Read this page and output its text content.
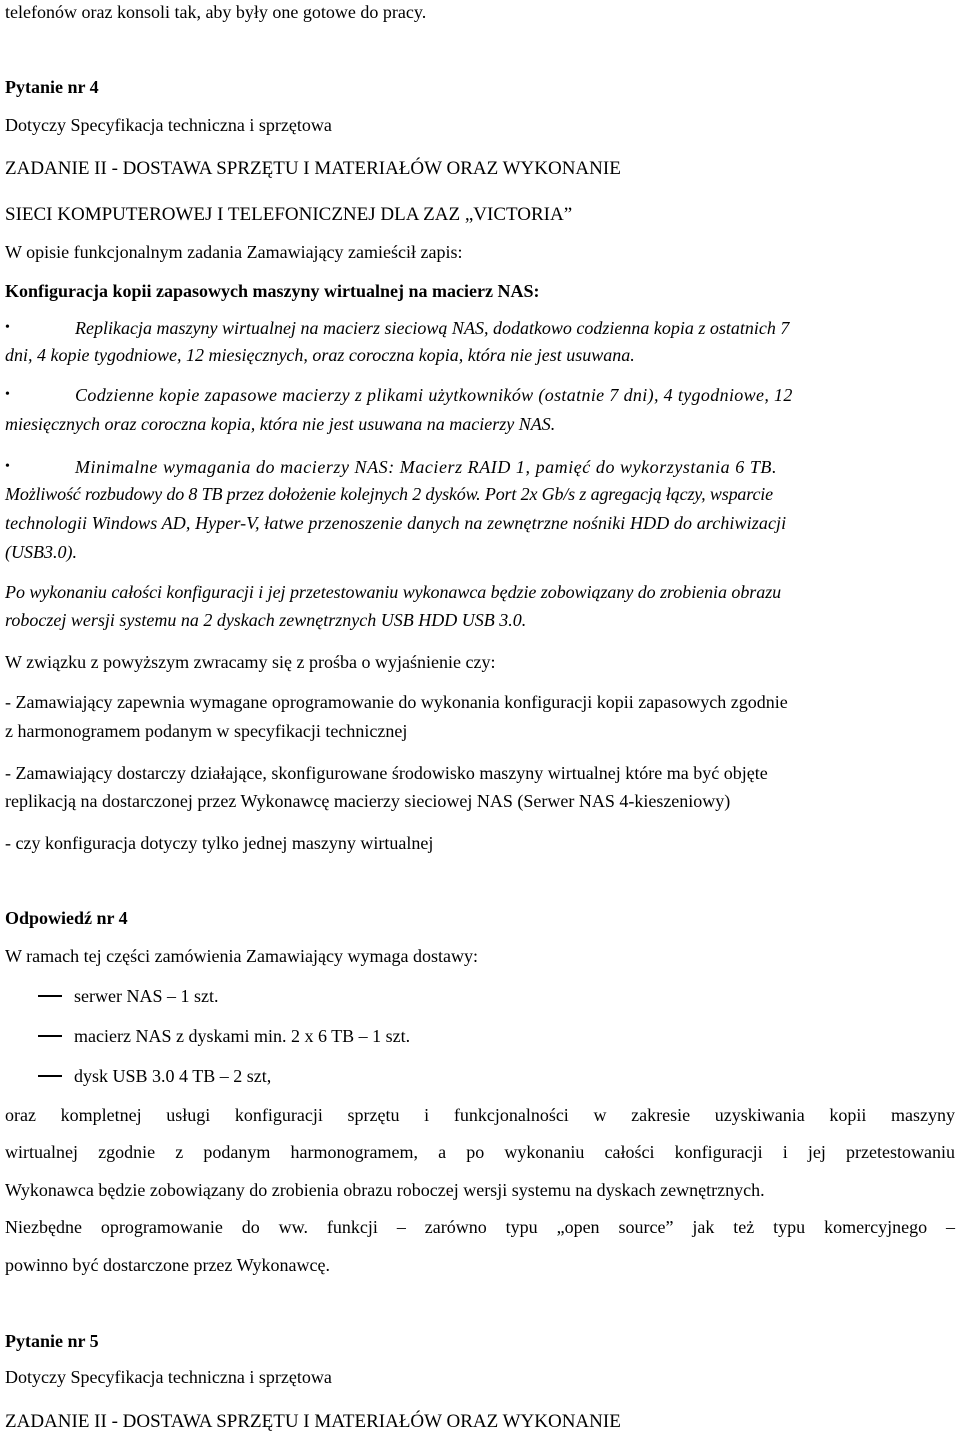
telefonów oraz konsoli tak, aby były one gotowe do pracy.
Pytanie nr 4
Dotyczy Specyfikacja techniczna i sprzętowa
ZADANIE II - DOSTAWA SPRZĘTU I MATERIAŁÓW ORAZ WYKONANIE
SIECI KOMPUTEROWEJ I TELEFONICZNEJ DLA ZAZ „VICTORIA”
W opisie funkcjonalnym zadania Zamawiający zamieścił zapis:
Konfiguracja kopii zapasowych maszyny wirtualnej na macierz NAS:
•	Replikacja maszyny wirtualnej na macierz sieciową NAS, dodatkowo codzienna kopia z ostatnich 7
dni, 4 kopie tygodniowe, 12 miesięcznych, oraz coroczna kopia, która nie jest usuwana.
•	Codzienne kopie zapasowe macierzy z plikami użytkowników (ostatnie 7 dni), 4 tygodniowe, 12
miesięcznych oraz coroczna kopia, która nie jest usuwana na macierzy NAS.
•	Minimalne wymagania do macierzy NAS: Macierz RAID 1, pamięć do wykorzystania 6 TB.
Możliwość rozbudowy do 8 TB przez dołożenie kolejnych 2 dysków. Port 2x Gb/s z agregacją łączy, wsparcie
technologii Windows AD, Hyper-V, łatwe przenoszenie danych na zewnętrzne nośniki HDD do archiwizacji
(USB3.0).
Po wykonaniu całości konfiguracji i jej przetestowaniu wykonawca będzie zobowiązany do zrobienia obrazu
roboczej wersji systemu na 2 dyskach zewnętrznych USB HDD USB 3.0.
W związku z powyższym zwracamy się z prośba o wyjaśnienie czy:
- Zamawiający zapewnia wymagane oprogramowanie do wykonania konfiguracji kopii zapasowych zgodnie
z harmonogramem podanym w specyfikacji technicznej
- Zamawiający dostarczy działające, skonfigurowane środowisko maszyny wirtualnej które ma być objęte
replikacją na dostarczonej przez Wykonawcę macierzy sieciowej NAS (Serwer NAS 4-kieszeniowy)
- czy konfiguracja dotyczy tylko jednej maszyny wirtualnej
Odpowiedź nr 4
W ramach tej części zamówienia Zamawiający wymaga dostawy:
serwer NAS – 1 szt.
macierz NAS z dyskami min. 2 x 6 TB – 1 szt.
dysk USB 3.0 4 TB – 2 szt,
oraz kompletnej usługi konfiguracji sprzętu i funkcjonalności w zakresie uzyskiwania kopii maszyny
wirtualnej zgodnie z podanym harmonogramem, a po wykonaniu całości konfiguracji i jej przetestowaniu
Wykonawca będzie zobowiązany do zrobienia obrazu roboczej wersji systemu na dyskach zewnętrznych.
Niezbędne oprogramowanie do ww. funkcji – zarówno typu „open source” jak też typu komercyjnego –
powinno być dostarczone przez Wykonawcę.
Pytanie nr 5
Dotyczy Specyfikacja techniczna i sprzętowa
ZADANIE II - DOSTAWA SPRZĘTU I MATERIAŁÓW ORAZ WYKONANIE
